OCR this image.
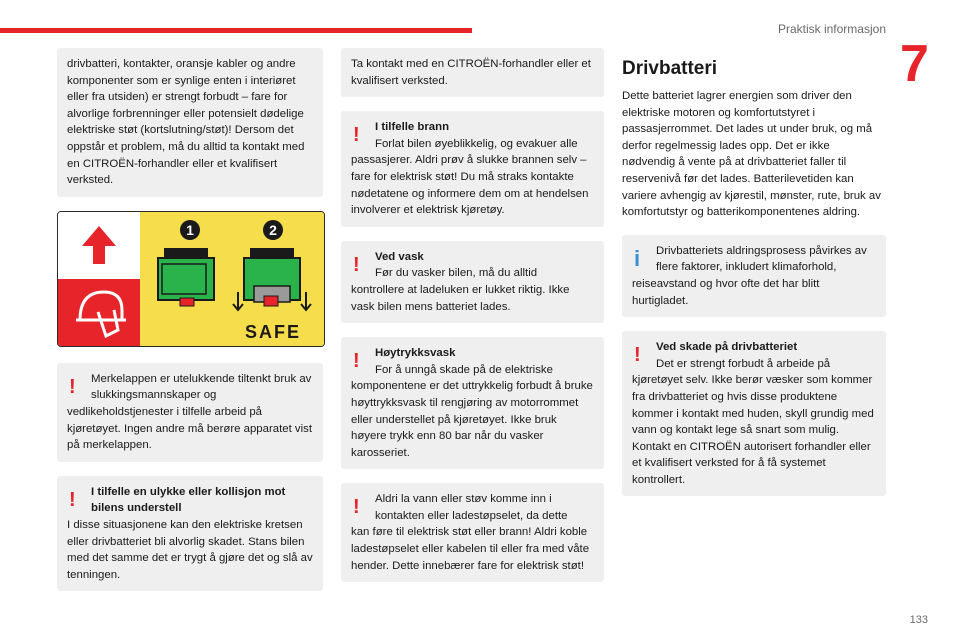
Praktisk informasjon
7
drivbatteri, kontakter, oransje kabler og andre komponenter som er synlige enten i interiøret eller fra utsiden) er strengt forbudt – fare for alvorlige forbrenninger eller potensielt dødelige elektriske støt (kortslutning/støt)! Dersom det oppstår et problem, må du alltid ta kontakt med en CITROËN-forhandler eller et kvalifisert verksted.
1	2
SAFE
!	Merkelappen er utelukkende tiltenkt bruk av slukkingsmannskaper og
vedlikeholdstjenester i tilfelle arbeid på kjøretøyet. Ingen andre må berøre apparatet vist på merkelappen.
!	I tilfelle en ulykke eller kollisjon mot bilens understell
I disse situasjonene kan den elektriske kretsen eller drivbatteriet bli alvorlig skadet. Stans bilen med det samme det er trygt å gjøre det og slå av tenningen.
Ta kontakt med en CITROËN-forhandler eller et kvalifisert verksted.
!	I tilfelle brann
Forlat bilen øyeblikkelig, og evakuer alle
passasjerer. Aldri prøv å slukke brannen selv – fare for elektrisk støt! Du må straks kontakte nødetatene og informere dem om at hendelsen involverer et elektrisk kjøretøy.
!	Ved vask
Før du vasker bilen, må du alltid
kontrollere at ladeluken er lukket riktig. Ikke vask bilen mens batteriet lades.
!	Høytrykksvask
For å unngå skade på de elektriske
komponentene er det uttrykkelig forbudt å bruke høyttrykksvask til rengjøring av motorrommet eller understellet på kjøretøyet. Ikke bruk høyere trykk enn 80 bar når du vasker karosseriet.
!	Aldri la vann eller støv komme inn i kontakten eller ladestøpselet, da dette
kan føre til elektrisk støt eller brann! Aldri koble ladestøpselet eller kabelen til eller fra med våte hender. Dette innebærer fare for elektrisk støt!
Drivbatteri
Dette batteriet lagrer energien som driver den elektriske motoren og komfortutstyret i passasjerrommet. Det lades ut under bruk, og må derfor regelmessig lades opp. Det er ikke nødvendig å vente på at drivbatteriet faller til reservenivå før det lades. Batterilevetiden kan variere avhengig av kjørestil, mønster, rute, bruk av komfortutstyr og batterikomponentenes aldring.
i	Drivbatteriets aldringsprosess påvirkes av flere faktorer, inkludert klimaforhold,
reiseavstand og hvor ofte det har blitt hurtigladet.
!	Ved skade på drivbatteriet
Det er strengt forbudt å arbeide på
kjøretøyet selv. Ikke berør væsker som kommer fra drivbatteriet og hvis disse produktene kommer i kontakt med huden, skyll grundig med vann og kontakt lege så snart som mulig. Kontakt en CITROËN autorisert forhandler eller et kvalifisert verksted for å få systemet kontrollert.
133
